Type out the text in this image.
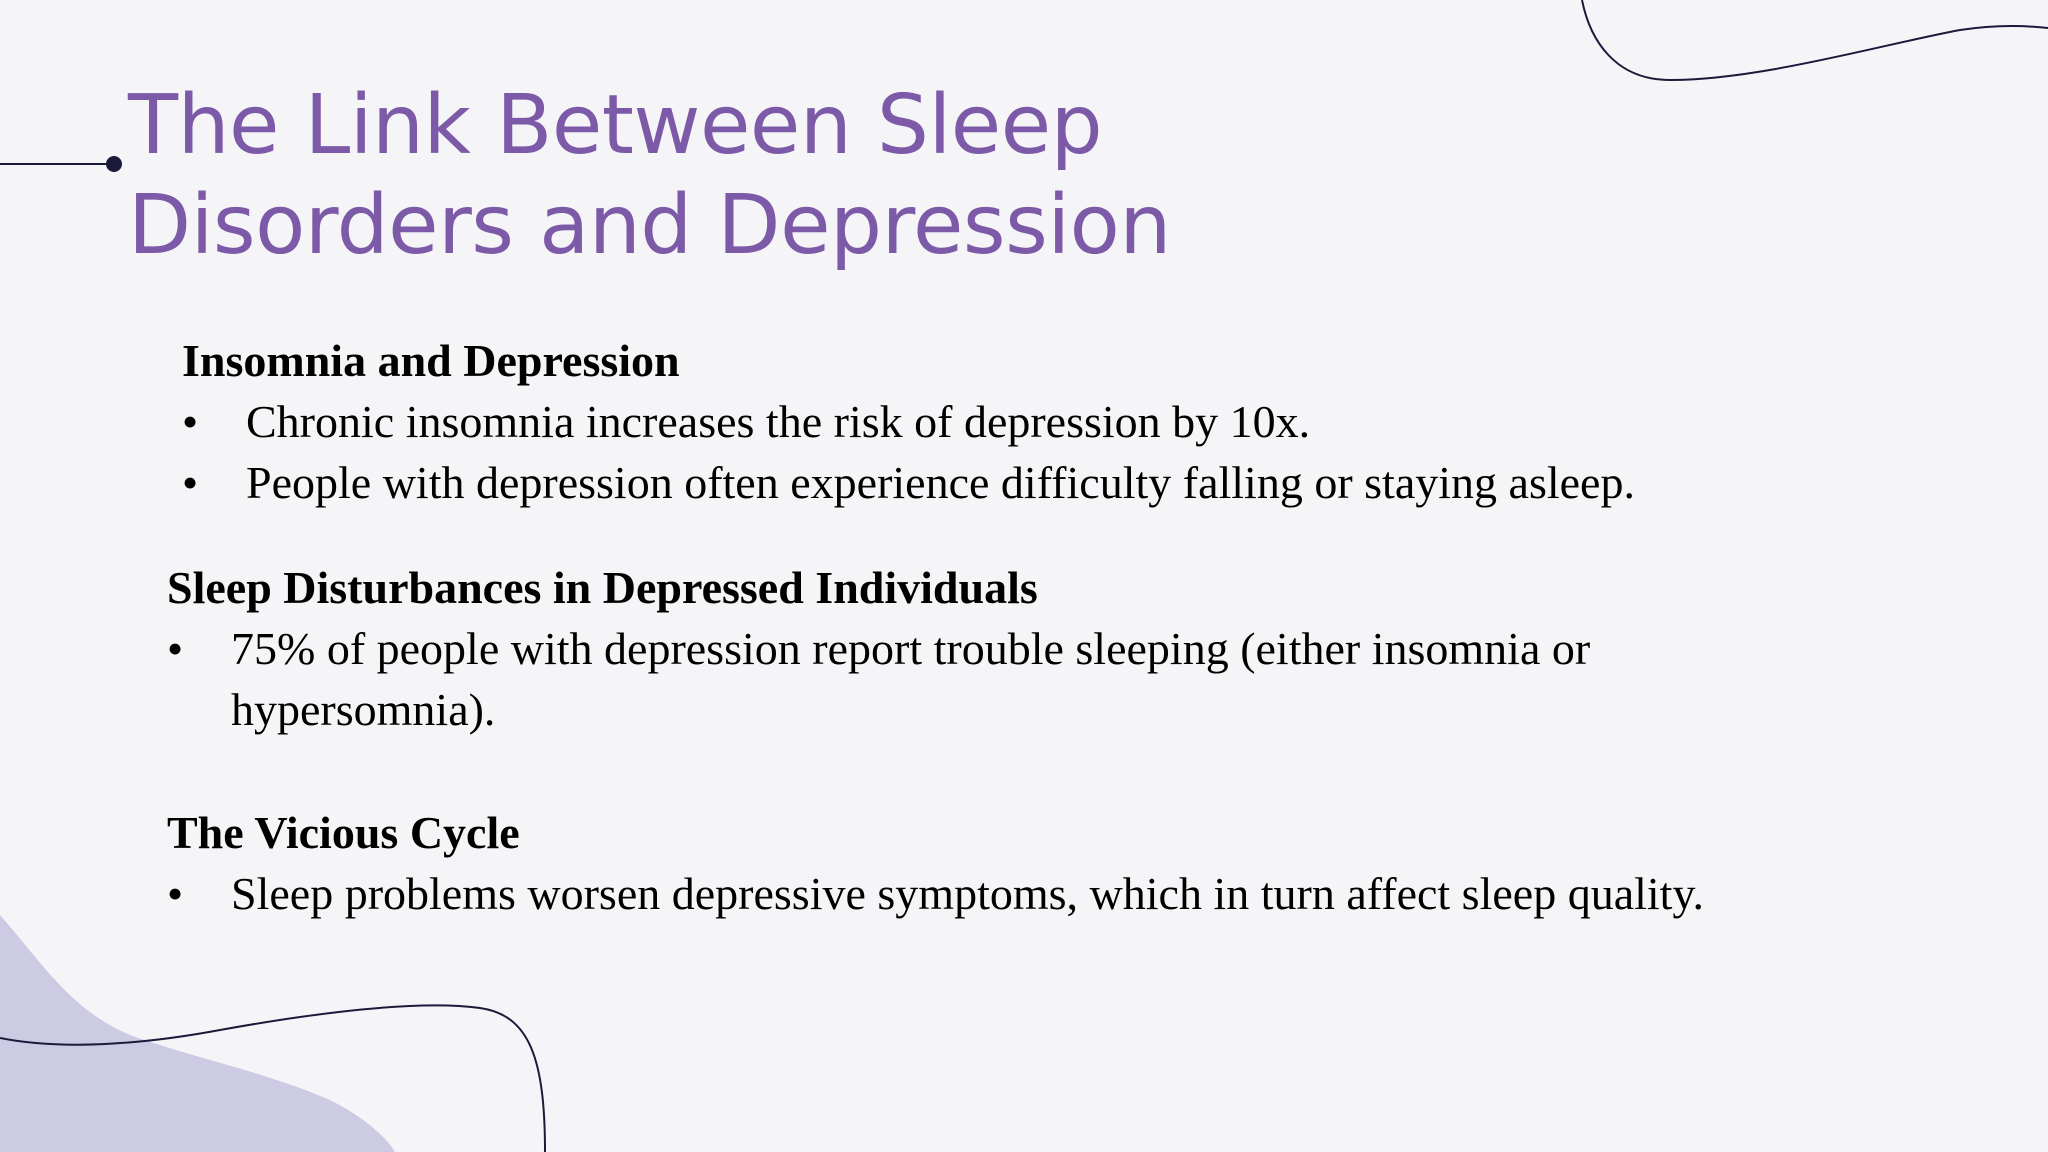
The Link Between Sleep
Disorders and Depression

Insomnia and Depression

•	Chronic insomnia increases the risk of depression by 10x.

•	People with depression often experience difficulty falling or staying asleep.

Sleep Disturbances in Depressed Individuals

•	75% of people with depression report trouble sleeping (either insomnia or hypersomnia).

The Vicious Cycle

•	Sleep problems worsen depressive symptoms, which in turn affect sleep quality.
